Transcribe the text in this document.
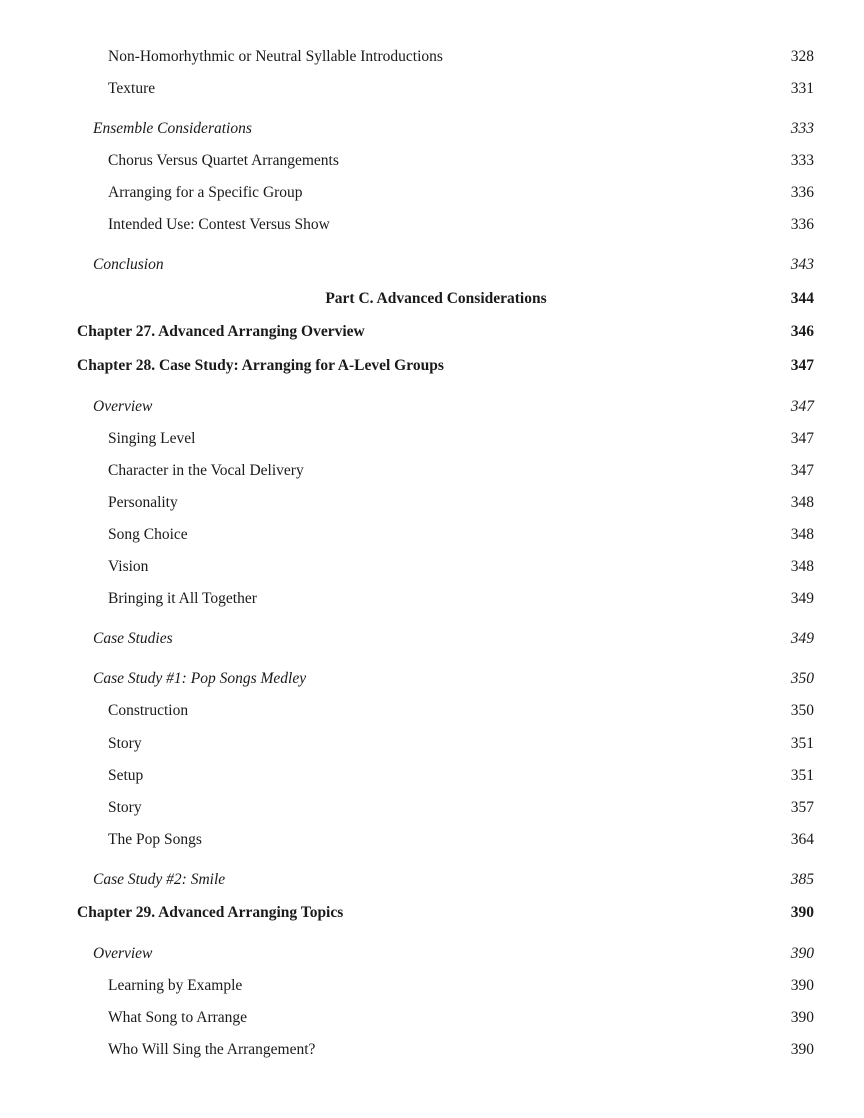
Non-Homorhythmic or Neutral Syllable Introductions	328
Texture	331
Ensemble Considerations	333
Chorus Versus Quartet Arrangements	333
Arranging for a Specific Group	336
Intended Use: Contest Versus Show	336
Conclusion	343
Part C. Advanced Considerations	344
Chapter 27. Advanced Arranging Overview	346
Chapter 28. Case Study: Arranging for A-Level Groups	347
Overview	347
Singing Level	347
Character in the Vocal Delivery	347
Personality	348
Song Choice	348
Vision	348
Bringing it All Together	349
Case Studies	349
Case Study #1: Pop Songs Medley	350
Construction	350
Story	351
Setup	351
Story	357
The Pop Songs	364
Case Study #2: Smile	385
Chapter 29. Advanced Arranging Topics	390
Overview	390
Learning by Example	390
What Song to Arrange	390
Who Will Sing the Arrangement?	390
